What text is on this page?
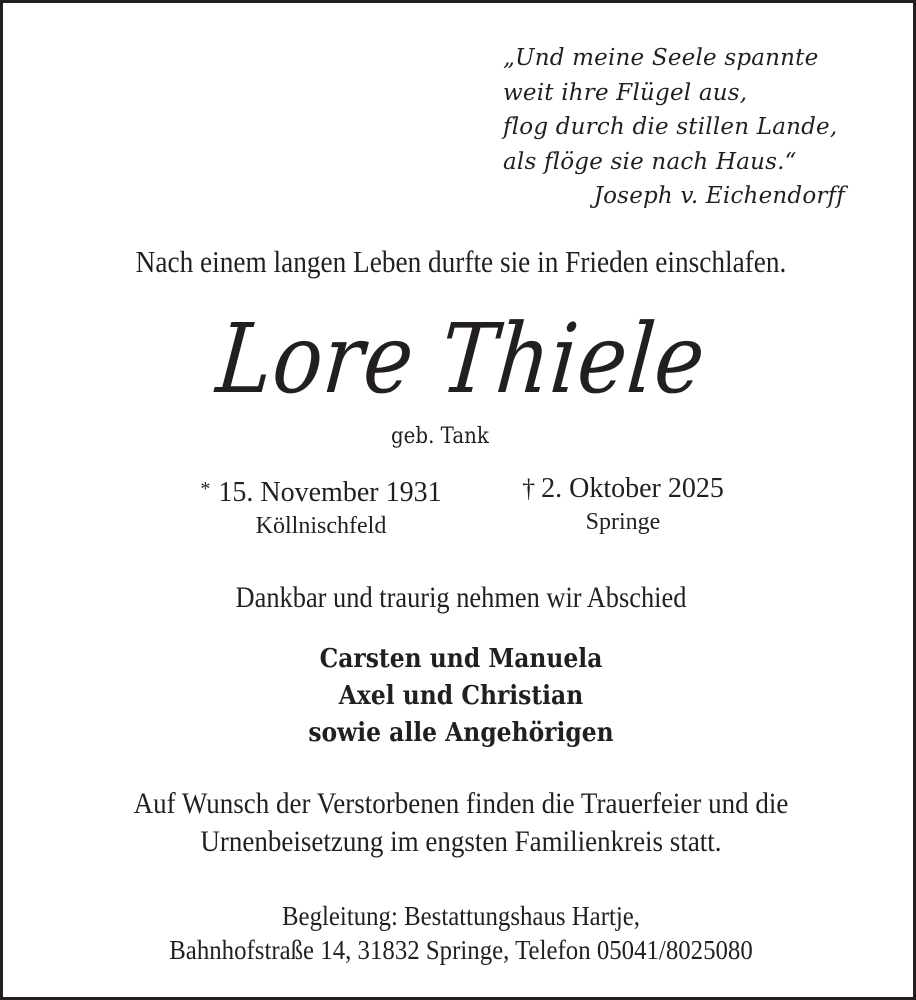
„Und meine Seele spannte
weit ihre Flügel aus,
flog durch die stillen Lande,
als flöge sie nach Haus.“
Joseph v. Eichendorff

Nach einem langen Leben durfte sie in Frieden einschlafen.

Lore Thiele

geb. Tank

* 15. November 1931
Köllnischfeld
† 2. Oktober 2025
Springe

Dankbar und traurig nehmen wir Abschied

Carsten und Manuela
Axel und Christian
sowie alle Angehörigen
Auf Wunsch der Verstorbenen finden die Trauerfeier und die
Urnenbeisetzung im engsten Familienkreis statt.
Begleitung: Bestattungshaus Hartje,
Bahnhofstraße 14, 31832 Springe, Telefon 05041/8025080
